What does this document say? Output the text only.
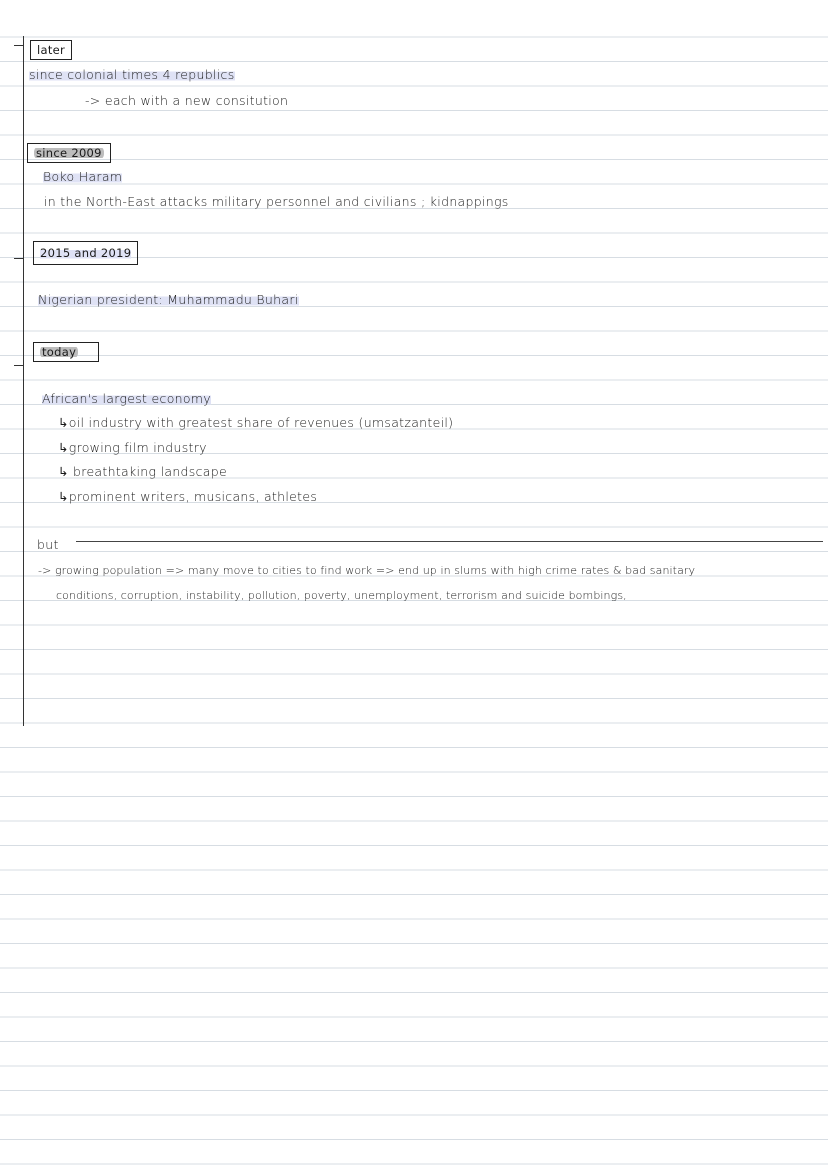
later
since colonial times 4 republics
-> each with a new consitution
since 2009
Boko Haram
in the North-East attacks military personnel and civilians ; kidnappings
2015 and 2019
Nigerian president: Muhammadu Buhari
today
African's largest economy
↳oil industry with greatest share of revenues (umsatzanteil)
↳growing film industry
↳ breathtaking landscape
↳prominent writers, musicans, athletes
but
-> growing population => many move to cities to find work => end up in slums with high crime rates & bad sanitary
conditions, corruption, instability, pollution, poverty, unemployment, terrorism and suicide bombings,
